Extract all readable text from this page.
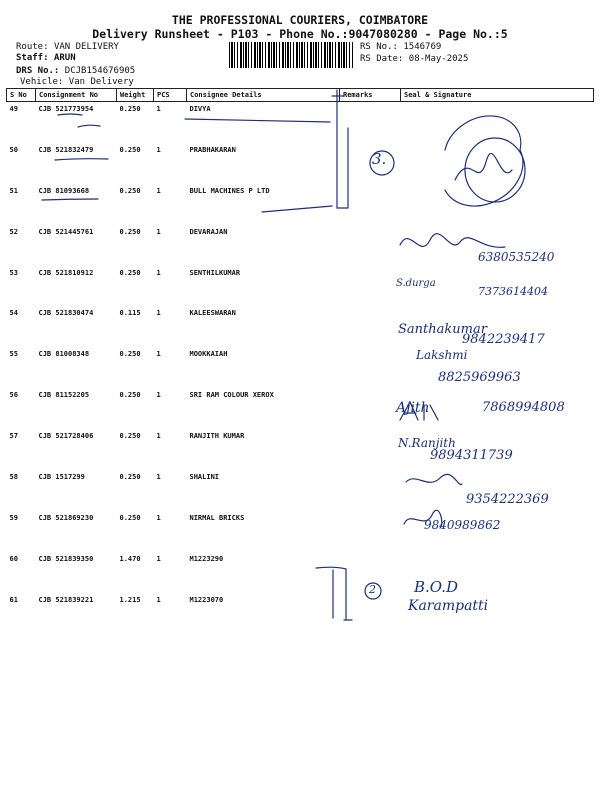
THE PROFESSIONAL COURIERS, COIMBATORE
Delivery Runsheet - P103 - Phone No.:9047080280 - Page No.:5
Route: VAN DELIVERY
Staff: ARUN
DRS No.: DCJB154676905
Vehicle: Van Delivery
RS No.: 1546769
RS Date: 08-May-2025
S No	Consignment No	Weight	PCS	Consignee Details	Remarks	Seal & Signature
49	CJB 521773954	0.250	1	DIVYA		
50	CJB 521832479	0.250	1	PRABHAKARAN		
51	CJB 81093668	0.250	1	BULL MACHINES P LTD		
52	CJB 521445761	0.250	1	DEVARAJAN		
53	CJB 521810912	0.250	1	SENTHILKUMAR		
54	CJB 521830474	0.115	1	KALEESWARAN		
55	CJB 81008348	0.250	1	MOOKKAIAH		
56	CJB 81152205	0.250	1	SRI RAM COLOUR XEROX		
57	CJB 521728406	0.250	1	RANJITH KUMAR		
58	CJB 1517299	0.250	1	SHALINI		
59	CJB 521869230	0.250	1	NIRMAL BRICKS		
60	CJB 521839350	1.470	1	M1223290		
61	CJB 521839221	1.215	1	M1223070		
3.
6380535240
S.durga
7373614404
Santhakumar
9842239417
Lakshmi
8825969963
Ajith	7868994808
N.Ranjith
9894311739
9354222369
9840989862
2	B.O.D
Karampatti
